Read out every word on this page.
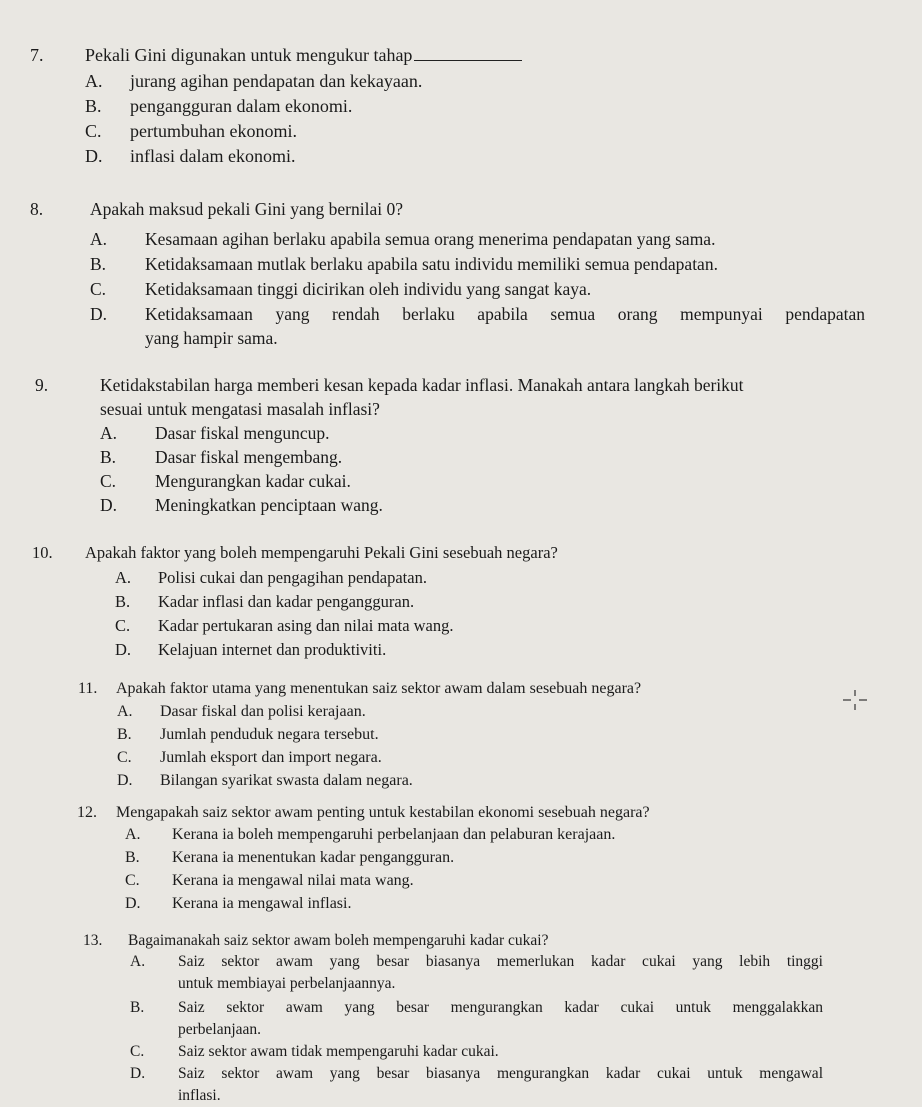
7. Pekali Gini digunakan untuk mengukur tahap
A. jurang agihan pendapatan dan kekayaan.
B. pengangguran dalam ekonomi.
C. pertumbuhan ekonomi.
D. inflasi dalam ekonomi.
8.	Apakah maksud pekali Gini yang bernilai 0?
A. Kesamaan agihan berlaku apabila semua orang menerima pendapatan yang sama.
B. Ketidaksamaan mutlak berlaku apabila satu individu memiliki semua pendapatan.
C. Ketidaksamaan tinggi dicirikan oleh individu yang sangat kaya.
D. Ketidaksamaan yang rendah berlaku apabila semua orang mempunyai pendapatan
yang hampir sama.
9.	Ketidakstabilan harga memberi kesan kepada kadar inflasi. Manakah antara langkah berikut
sesuai untuk mengatasi masalah inflasi?
A. Dasar fiskal menguncup.
B. Dasar fiskal mengembang.
C. Mengurangkan kadar cukai.
D. Meningkatkan penciptaan wang.
10. Apakah faktor yang boleh mempengaruhi Pekali Gini sesebuah negara?
A. Polisi cukai dan pengagihan pendapatan.
B. Kadar inflasi dan kadar pengangguran.
C. Kadar pertukaran asing dan nilai mata wang.
D. Kelajuan internet dan produktiviti.
11. Apakah faktor utama yang menentukan saiz sektor awam dalam sesebuah negara?
A. Dasar fiskal dan polisi kerajaan.
B. Jumlah penduduk negara tersebut.
C. Jumlah eksport dan import negara.
D. Bilangan syarikat swasta dalam negara.
12. Mengapakah saiz sektor awam penting untuk kestabilan ekonomi sesebuah negara?
A. Kerana ia boleh mempengaruhi perbelanjaan dan pelaburan kerajaan.
B. Kerana ia menentukan kadar pengangguran.
C. Kerana ia mengawal nilai mata wang.
D. Kerana ia mengawal inflasi.
13. Bagaimanakah saiz sektor awam boleh mempengaruhi kadar cukai?
A. Saiz sektor awam yang besar biasanya memerlukan kadar cukai yang lebih tinggi
untuk membiayai perbelanjaannya.
B. Saiz sektor awam yang besar mengurangkan kadar cukai untuk menggalakkan
perbelanjaan.
C. Saiz sektor awam tidak mempengaruhi kadar cukai.
D. Saiz sektor awam yang besar biasanya mengurangkan kadar cukai untuk mengawal
inflasi.
